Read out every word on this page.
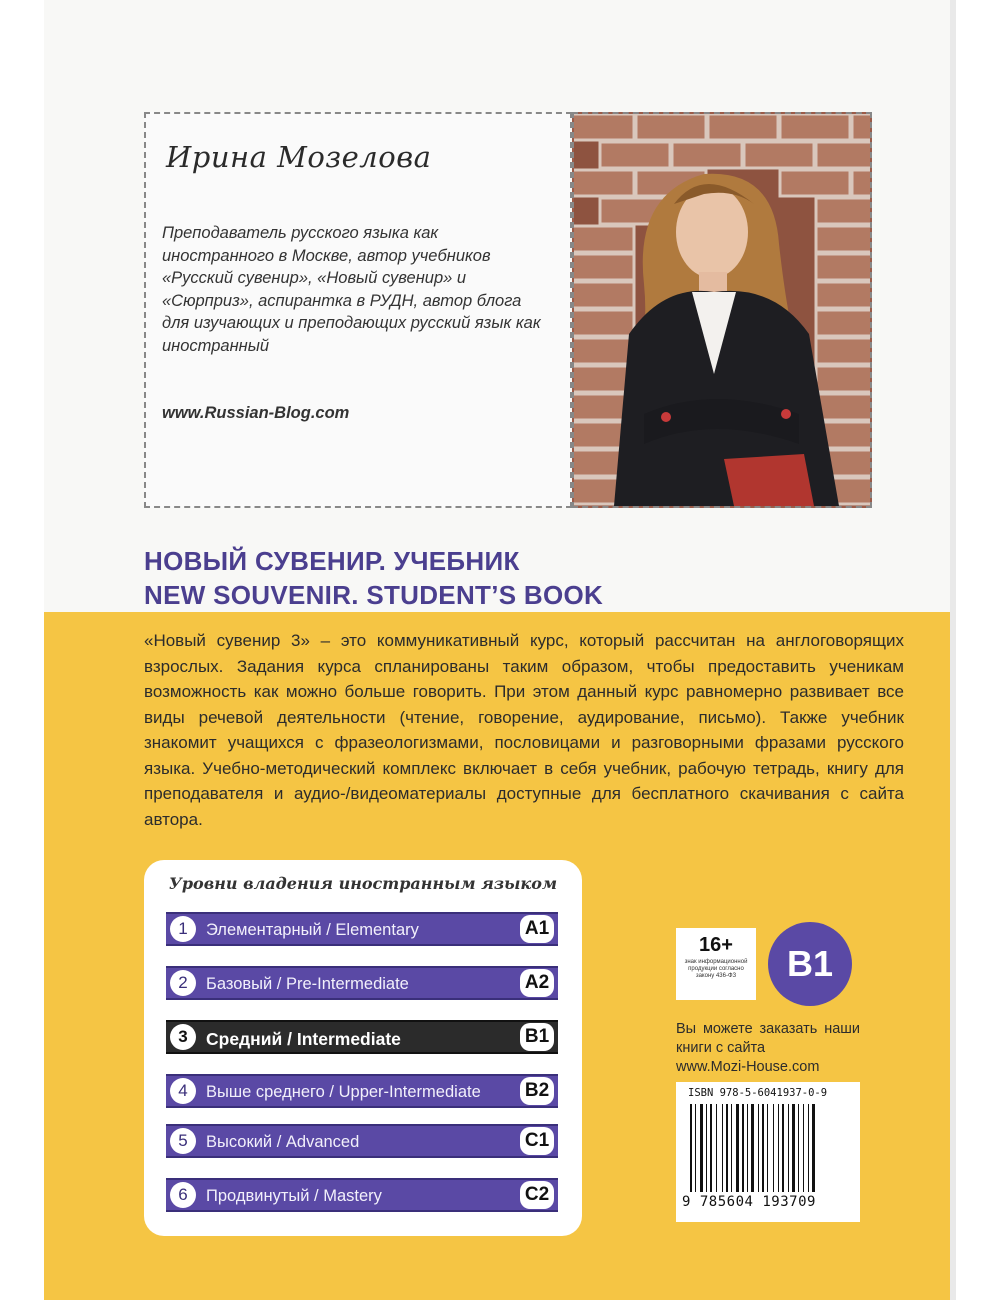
Ирина Мозелова
Преподаватель русского языка как иностранного в Москве, автор учебников «Русский сувенир», «Новый сувенир» и «Сюрприз», аспирантка в РУДН, автор блога для изучающих и преподающих русский язык как иностранный
www.Russian-Blog.com
НОВЫЙ СУВЕНИР. УЧЕБНИК
NEW SOUVENIR. STUDENT’S BOOK
«Новый сувенир 3» – это коммуникативный курс, который рассчитан на англоговорящих взрослых. Задания курса спланированы таким образом, чтобы предоставить ученикам возможность как можно больше говорить. При этом данный курс равномерно развивает все виды речевой деятельности (чтение, говорение, аудирование, письмо). Также учебник знакомит учащихся с фразеологизмами, пословицами и разговорными фразами русского языка. Учебно-методический комплекс включает в себя учебник, рабочую тетрадь, книгу для преподавателя и аудио-/видеоматериалы доступные для бесплатного скачивания с сайта автора.
Уровни владения иностранным языком
1	Элементарный / Elementary	A1
2	Базовый / Pre-Intermediate	A2
3	Средний / Intermediate	B1
4	Выше среднего / Upper-Intermediate B2
5	Высокий / Advanced	C1
6	Продвинутый / Mastery	C2
16+
знак информационной продукции согласно закону 436-ФЗ	B1
Вы можете заказать наши книги с сайта
www.Mozi-House.com
ISBN 978-5-6041937-0-9
9 785604 193709
